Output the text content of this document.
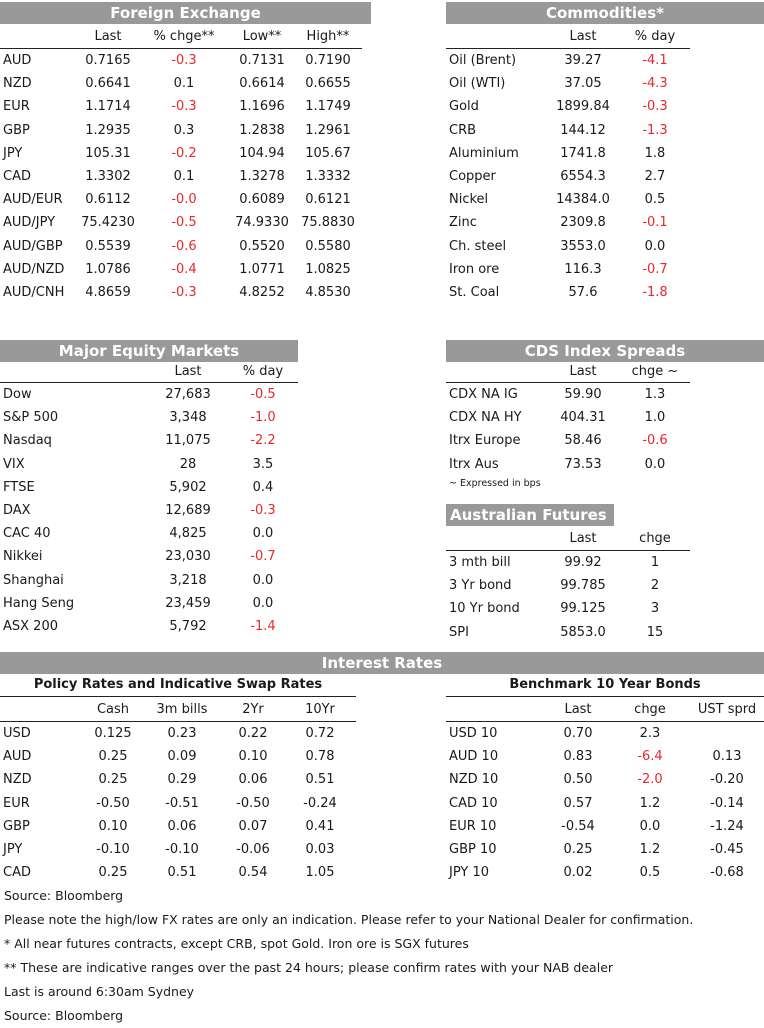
Foreign Exchange
	Last	% chge**	Low**	High**
AUD	0.7165	-0.3	0.7131	0.7190
NZD	0.6641	0.1	0.6614	0.6655
EUR	1.1714	-0.3	1.1696	1.1749
GBP	1.2935	0.3	1.2838	1.2961
JPY	105.31	-0.2	104.94	105.67
CAD	1.3302	0.1	1.3278	1.3332
AUD/EUR	0.6112	-0.0	0.6089	0.6121
AUD/JPY	75.4230	-0.5	74.9330	75.8830
AUD/GBP	0.5539	-0.6	0.5520	0.5580
AUD/NZD	1.0786	-0.4	1.0771	1.0825
AUD/CNH	4.8659	-0.3	4.8252	4.8530
Commodities*
	Last	% day
Oil (Brent)	39.27	-4.1
Oil (WTI)	37.05	-4.3
Gold	1899.84	-0.3
CRB	144.12	-1.3
Aluminium	1741.8	1.8
Copper	6554.3	2.7
Nickel	14384.0	0.5
Zinc	2309.8	-0.1
Ch. steel	3553.0	0.0
Iron ore	116.3	-0.7
St. Coal	57.6	-1.8
Major Equity Markets
	Last	% day
Dow	27,683	-0.5
S&P 500	3,348	-1.0
Nasdaq	11,075	-2.2
VIX	28	3.5
FTSE	5,902	0.4
DAX	12,689	-0.3
CAC 40	4,825	0.0
Nikkei	23,030	-0.7
Shanghai	3,218	0.0
Hang Seng	23,459	0.0
ASX 200	5,792	-1.4
CDS Index Spreads
	Last	chge ~
CDX NA IG	59.90	1.3
CDX NA HY	404.31	1.0
Itrx Europe	58.46	-0.6
Itrx Aus	73.53	0.0
~ Expressed in bps
Australian Futures
	Last	chge
3 mth bill	99.92	1
3 Yr bond	99.785	2
10 Yr bond	99.125	3
SPI	5853.0	15
Interest Rates
Policy Rates and Indicative Swap Rates
	Cash	3m bills	2Yr	10Yr
USD	0.125	0.23	0.22	0.72
AUD	0.25	0.09	0.10	0.78
NZD	0.25	0.29	0.06	0.51
EUR	-0.50	-0.51	-0.50	-0.24
GBP	0.10	0.06	0.07	0.41
JPY	-0.10	-0.10	-0.06	0.03
CAD	0.25	0.51	0.54	1.05
Benchmark 10 Year Bonds
	Last	chge	UST sprd
USD 10	0.70	2.3	
AUD 10	0.83	-6.4	0.13
NZD 10	0.50	-2.0	-0.20
CAD 10	0.57	1.2	-0.14
EUR 10	-0.54	0.0	-1.24
GBP 10	0.25	1.2	-0.45
JPY 10	0.02	0.5	-0.68
Source: Bloomberg
Please note the high/low FX rates are only an indication. Please refer to your National Dealer for confirmation.
* All near futures contracts, except CRB, spot Gold. Iron ore is SGX futures
** These are indicative ranges over the past 24 hours; please confirm rates with your NAB dealer
Last is around 6:30am Sydney
Source: Bloomberg
